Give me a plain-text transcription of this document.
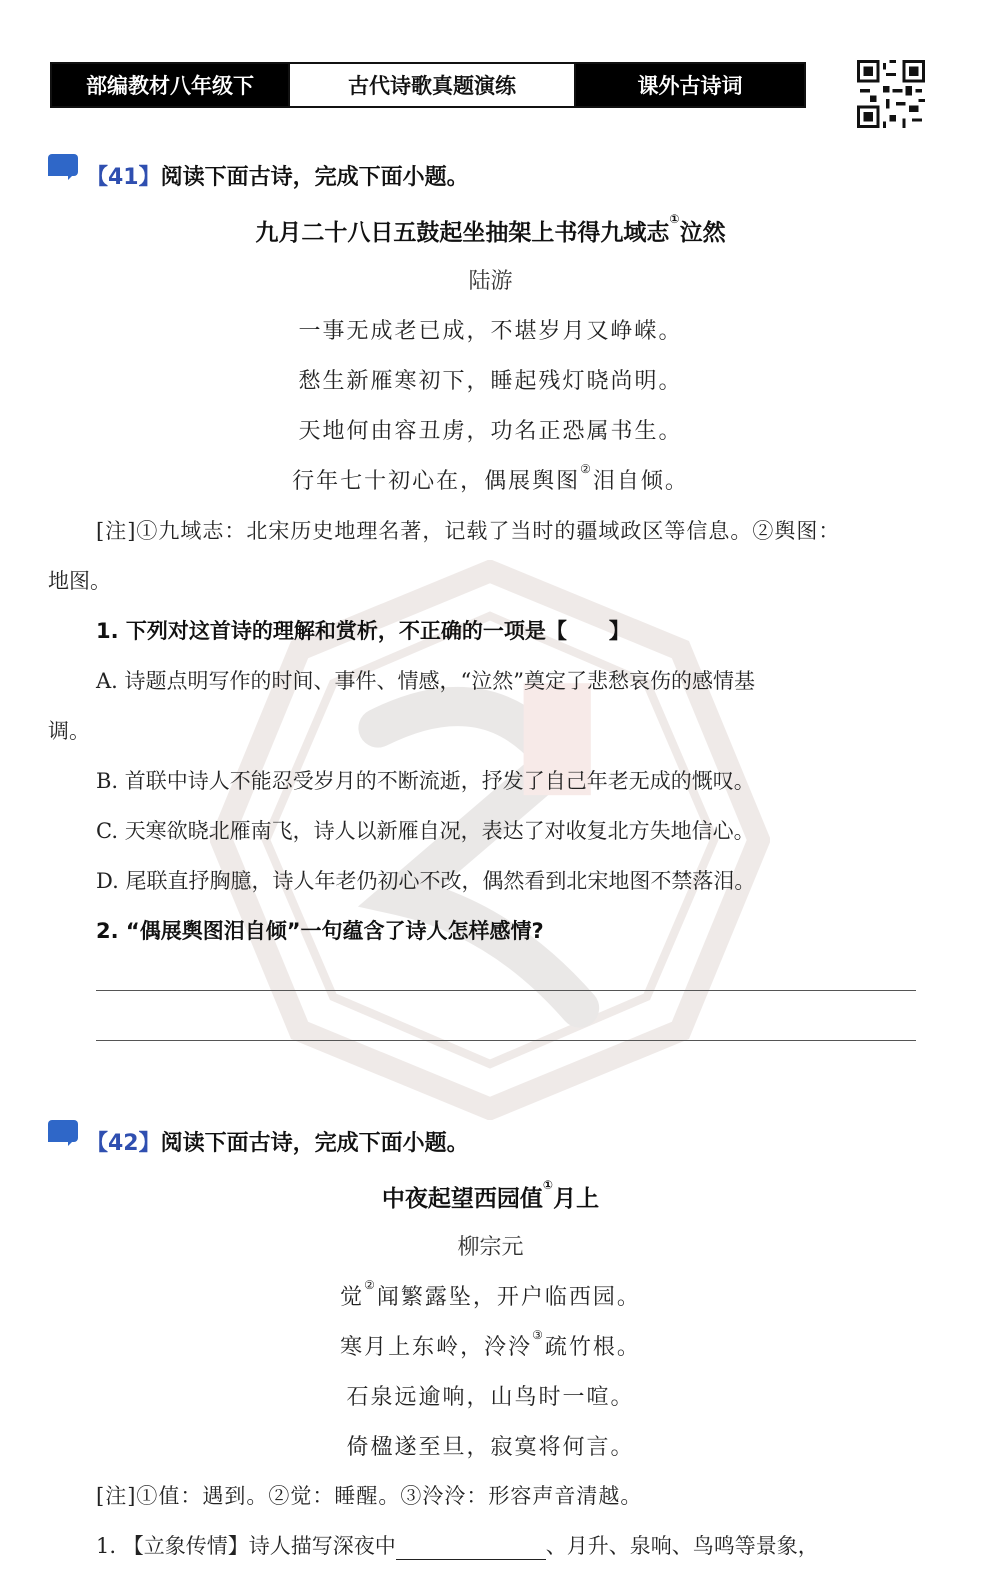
部编教材八年级下	古代诗歌真题演练	课外古诗词
【41】阅读下面古诗，完成下面小题。
九月二十八日五鼓起坐抽架上书得九域志①泣然
陆游
一事无成老已成，不堪岁月又峥嵘。
愁生新雁寒初下，睡起残灯晓尚明。
天地何由容丑虏，功名正恐属书生。
行年七十初心在，偶展舆图②泪自倾。
[注]①九域志：北宋历史地理名著，记载了当时的疆域政区等信息。②舆图：
地图。
1. 下列对这首诗的理解和赏析，不正确的一项是【　　】
A. 诗题点明写作的时间、事件、情感，“泣然”奠定了悲愁哀伤的感情基
调。
B. 首联中诗人不能忍受岁月的不断流逝，抒发了自己年老无成的慨叹。
C. 天寒欲晓北雁南飞，诗人以新雁自况，表达了对收复北方失地信心。
D. 尾联直抒胸臆，诗人年老仍初心不改，偶然看到北宋地图不禁落泪。
2. “偶展舆图泪自倾”一句蕴含了诗人怎样感情?
【42】阅读下面古诗，完成下面小题。
中夜起望西园值①月上
柳宗元
觉②闻繁露坠，开户临西园。
寒月上东岭，泠泠③疏竹根。
石泉远逾响，山鸟时一喧。
倚楹遂至旦，寂寞将何言。
[注]①值：遇到。②觉：睡醒。③泠泠：形容声音清越。
1. 【立象传情】诗人描写深夜中	、月升、泉响、鸟鸣等景象，
